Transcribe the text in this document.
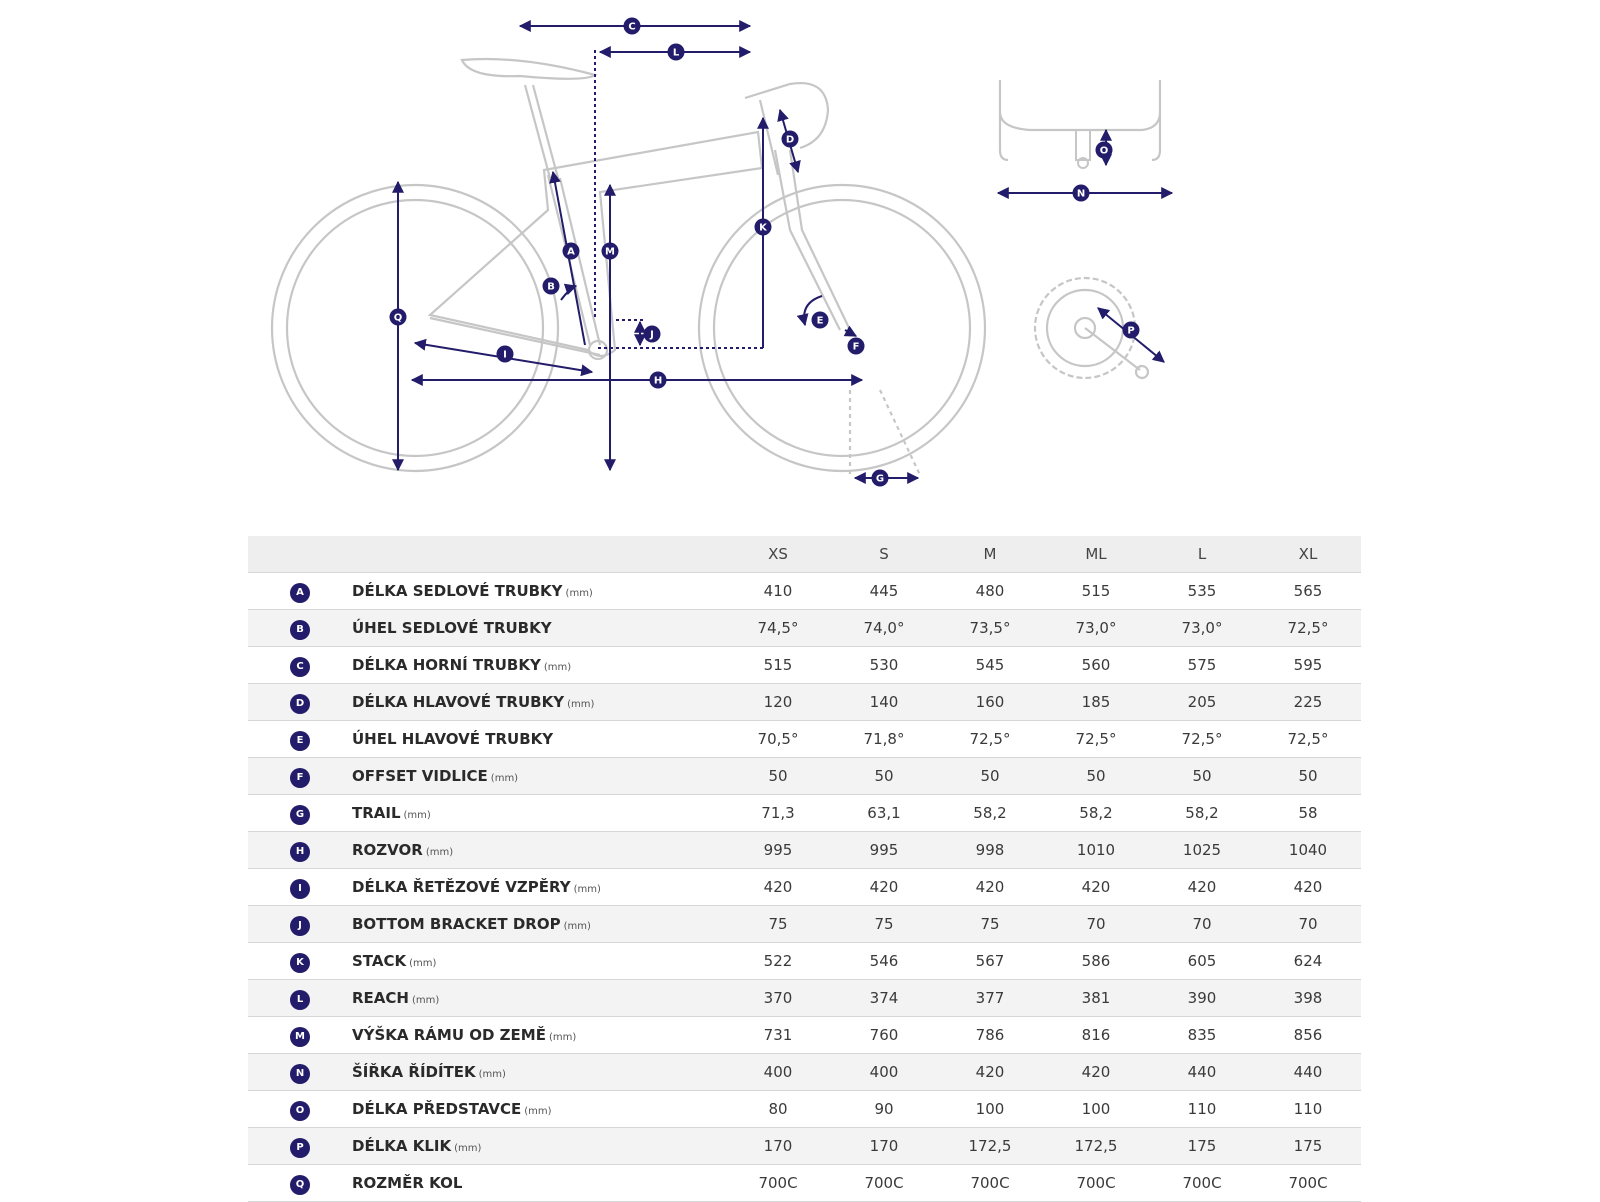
A
B
C
D
E
F
G
H
I
J
K
L
M
N
O
P
Q
		XS	S	M	ML	L	XL
A	DÉLKA SEDLOVÉ TRUBKY (mm)	410	445	480	515	535	565
B	ÚHEL SEDLOVÉ TRUBKY	74,5°	74,0°	73,5°	73,0°	73,0°	72,5°
C	DÉLKA HORNÍ TRUBKY (mm)	515	530	545	560	575	595
D	DÉLKA HLAVOVÉ TRUBKY (mm)	120	140	160	185	205	225
E	ÚHEL HLAVOVÉ TRUBKY	70,5°	71,8°	72,5°	72,5°	72,5°	72,5°
F	OFFSET VIDLICE (mm)	50	50	50	50	50	50
G	TRAIL (mm)	71,3	63,1	58,2	58,2	58,2	58
H	ROZVOR (mm)	995	995	998	1010	1025	1040
I	DÉLKA ŘETĚZOVÉ VZPĚRY (mm)	420	420	420	420	420	420
J	BOTTOM BRACKET DROP (mm)	75	75	75	70	70	70
K	STACK (mm)	522	546	567	586	605	624
L	REACH (mm)	370	374	377	381	390	398
M	VÝŠKA RÁMU OD ZEMĚ (mm)	731	760	786	816	835	856
N	ŠÍŘKA ŘÍDÍTEK (mm)	400	400	420	420	440	440
O	DÉLKA PŘEDSTAVCE (mm)	80	90	100	100	110	110
P	DÉLKA KLIK (mm)	170	170	172,5	172,5	175	175
Q	ROZMĚR KOL	700C	700C	700C	700C	700C	700C
